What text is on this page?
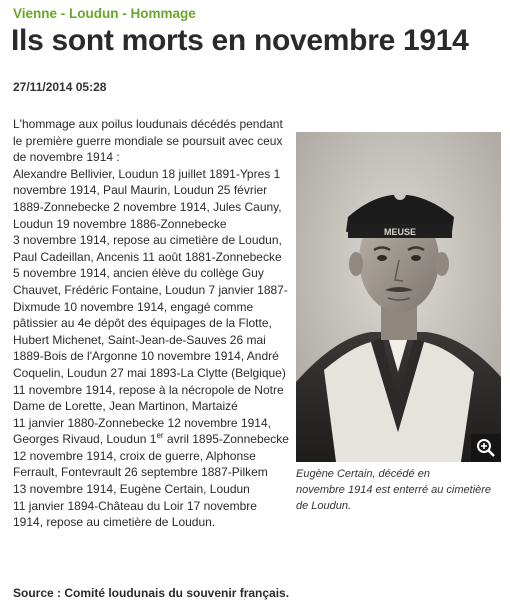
Vienne - Loudun - Hommage
Ils sont morts en novembre 1914
27/11/2014 05:28
L'hommage aux poilus loudunais décédés pendant
le première guerre mondiale se poursuit avec ceux
de novembre 1914 :
Alexandre Bellivier, Loudun 18 juillet 1891-Ypres 1
novembre 1914, Paul Maurin, Loudun 25 février
1889-Zonnebecke 2 novembre 1914, Jules Cauny,
Loudun 19 novembre 1886-Zonnebecke
3 novembre 1914, repose au cimetière de Loudun,
Paul Cadeillan, Ancenis 11 août 1881-Zonnebecke
5 novembre 1914, ancien élève du collège Guy
Chauvet, Frédéric Fontaine, Loudun 7 janvier 1887-
Dixmude 10 novembre 1914, engagé comme
pâtissier au 4e dépôt des équipages de la Flotte,
Hubert Michenet, Saint-Jean-de-Sauves 26 mai
1889-Bois de l'Argonne 10 novembre 1914, André
Coquelin, Loudun 27 mai 1893-La Clytte (Belgique)
11 novembre 1914, repose à la nécropole de Notre
Dame de Lorette, Jean Martinon, Martaizé
11 janvier 1880-Zonnebecke 12 novembre 1914,
Georges Rivaud, Loudun 1er avril 1895-Zonnebecke
12 novembre 1914, croix de guerre, Alphonse
Ferrault, Fontevrault 26 septembre 1887-Pilkem
13 novembre 1914, Eugène Certain, Loudun
11 janvier 1894-Château du Loir 17 novembre
1914, repose au cimetière de Loudun.
MEUSE
Eugène Certain, décédé en
novembre 1914 est enterré au cimetière
de Loudun.
Source : Comité loudunais du souvenir français.
